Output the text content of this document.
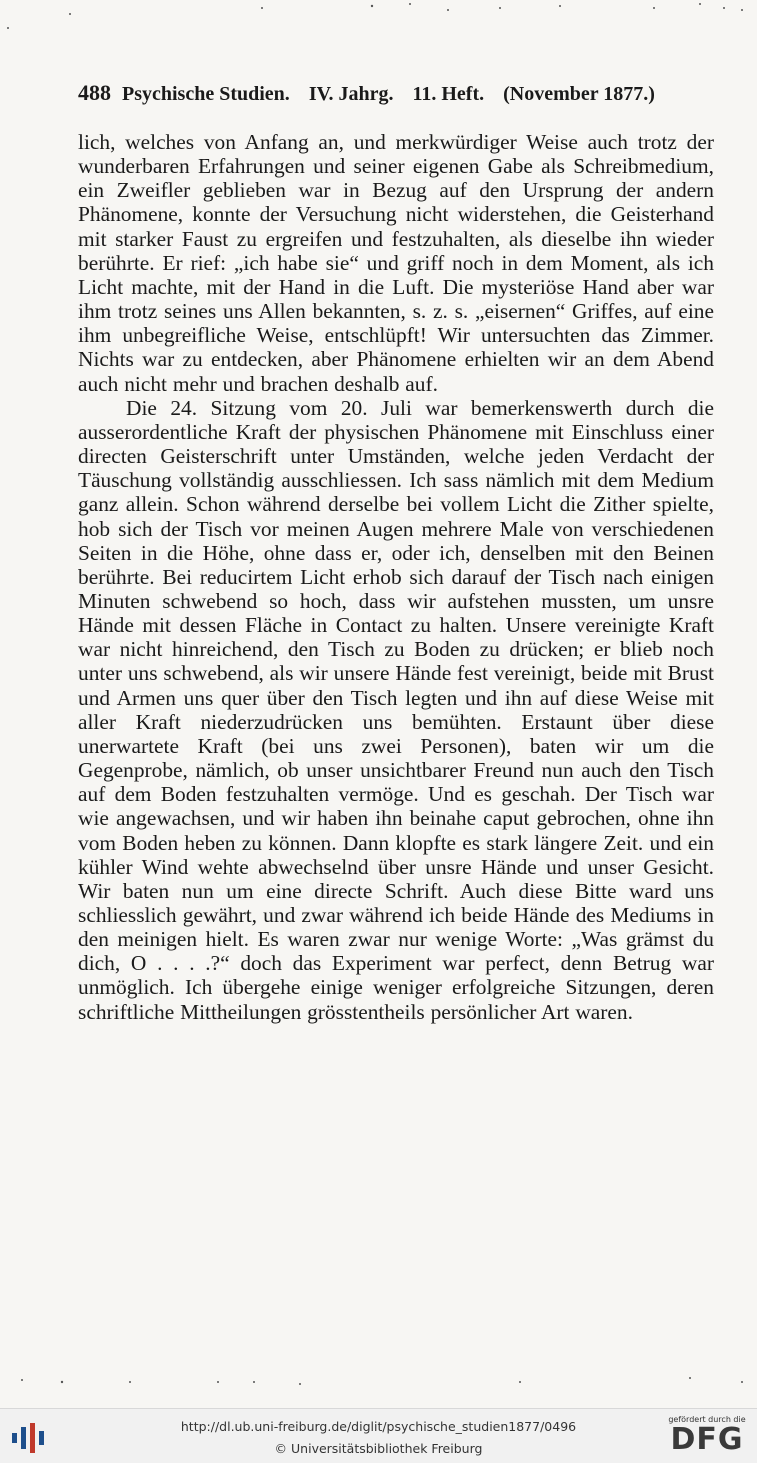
488 Psychische Studien. IV. Jahrg. 11. Heft. (November 1877.)

lich, welches von Anfang an, und merkwürdiger Weise auch trotz der wunderbaren Erfahrungen und seiner eigenen Gabe als Schreibmedium, ein Zweifler geblieben war in Bezug auf den Ursprung der andern Phänomene, konnte der Versuchung nicht widerstehen, die Geisterhand mit starker Faust zu ergreifen und festzuhalten, als dieselbe ihn wieder berührte. Er rief: „ich habe sie“ und griff noch in dem Moment, als ich Licht machte, mit der Hand in die Luft. Die mysteriöse Hand aber war ihm trotz seines uns Allen bekannten, s. z. s. „eisernen“ Griffes, auf eine ihm unbegreifliche Weise, entschlüpft! Wir untersuchten das Zimmer. Nichts war zu entdecken, aber Phänomene erhielten wir an dem Abend auch nicht mehr und brachen deshalb auf.

Die 24. Sitzung vom 20. Juli war bemerkenswerth durch die ausserordentliche Kraft der physischen Phänomene mit Einschluss einer directen Geisterschrift unter Umständen, welche jeden Verdacht der Täuschung vollständig ausschliessen. Ich sass nämlich mit dem Medium ganz allein. Schon während derselbe bei vollem Licht die Zither spielte, hob sich der Tisch vor meinen Augen mehrere Male von verschiedenen Seiten in die Höhe, ohne dass er, oder ich, denselben mit den Beinen berührte. Bei reducirtem Licht erhob sich darauf der Tisch nach einigen Minuten schwebend so hoch, dass wir aufstehen mussten, um unsre Hände mit dessen Fläche in Contact zu halten. Unsere vereinigte Kraft war nicht hinreichend, den Tisch zu Boden zu drücken; er blieb noch unter uns schwebend, als wir unsere Hände fest vereinigt, beide mit Brust und Armen uns quer über den Tisch legten und ihn auf diese Weise mit aller Kraft niederzudrücken uns bemühten. Erstaunt über diese unerwartete Kraft (bei uns zwei Personen), baten wir um die Gegenprobe, nämlich, ob unser unsichtbarer Freund nun auch den Tisch auf dem Boden festzuhalten vermöge. Und es geschah. Der Tisch war wie angewachsen, und wir haben ihn beinahe caput gebrochen, ohne ihn vom Boden heben zu können. Dann klopfte es stark längere Zeit. und ein kühler Wind wehte abwechselnd über unsre Hände und unser Gesicht. Wir baten nun um eine directe Schrift. Auch diese Bitte ward uns schliesslich gewährt, und zwar während ich beide Hände des Mediums in den meinigen hielt. Es waren zwar nur wenige Worte: „Was grämst du dich, O . . . .?“ doch das Experiment war perfect, denn Betrug war unmöglich. Ich übergehe einige weniger erfolgreiche Sitzungen, deren schriftliche Mittheilungen grösstentheils persönlicher Art waren.

http://dl.ub.uni-freiburg.de/diglit/psychische_studien1877/0496
© Universitätsbibliothek Freiburg
gefördert durch die
DFG
